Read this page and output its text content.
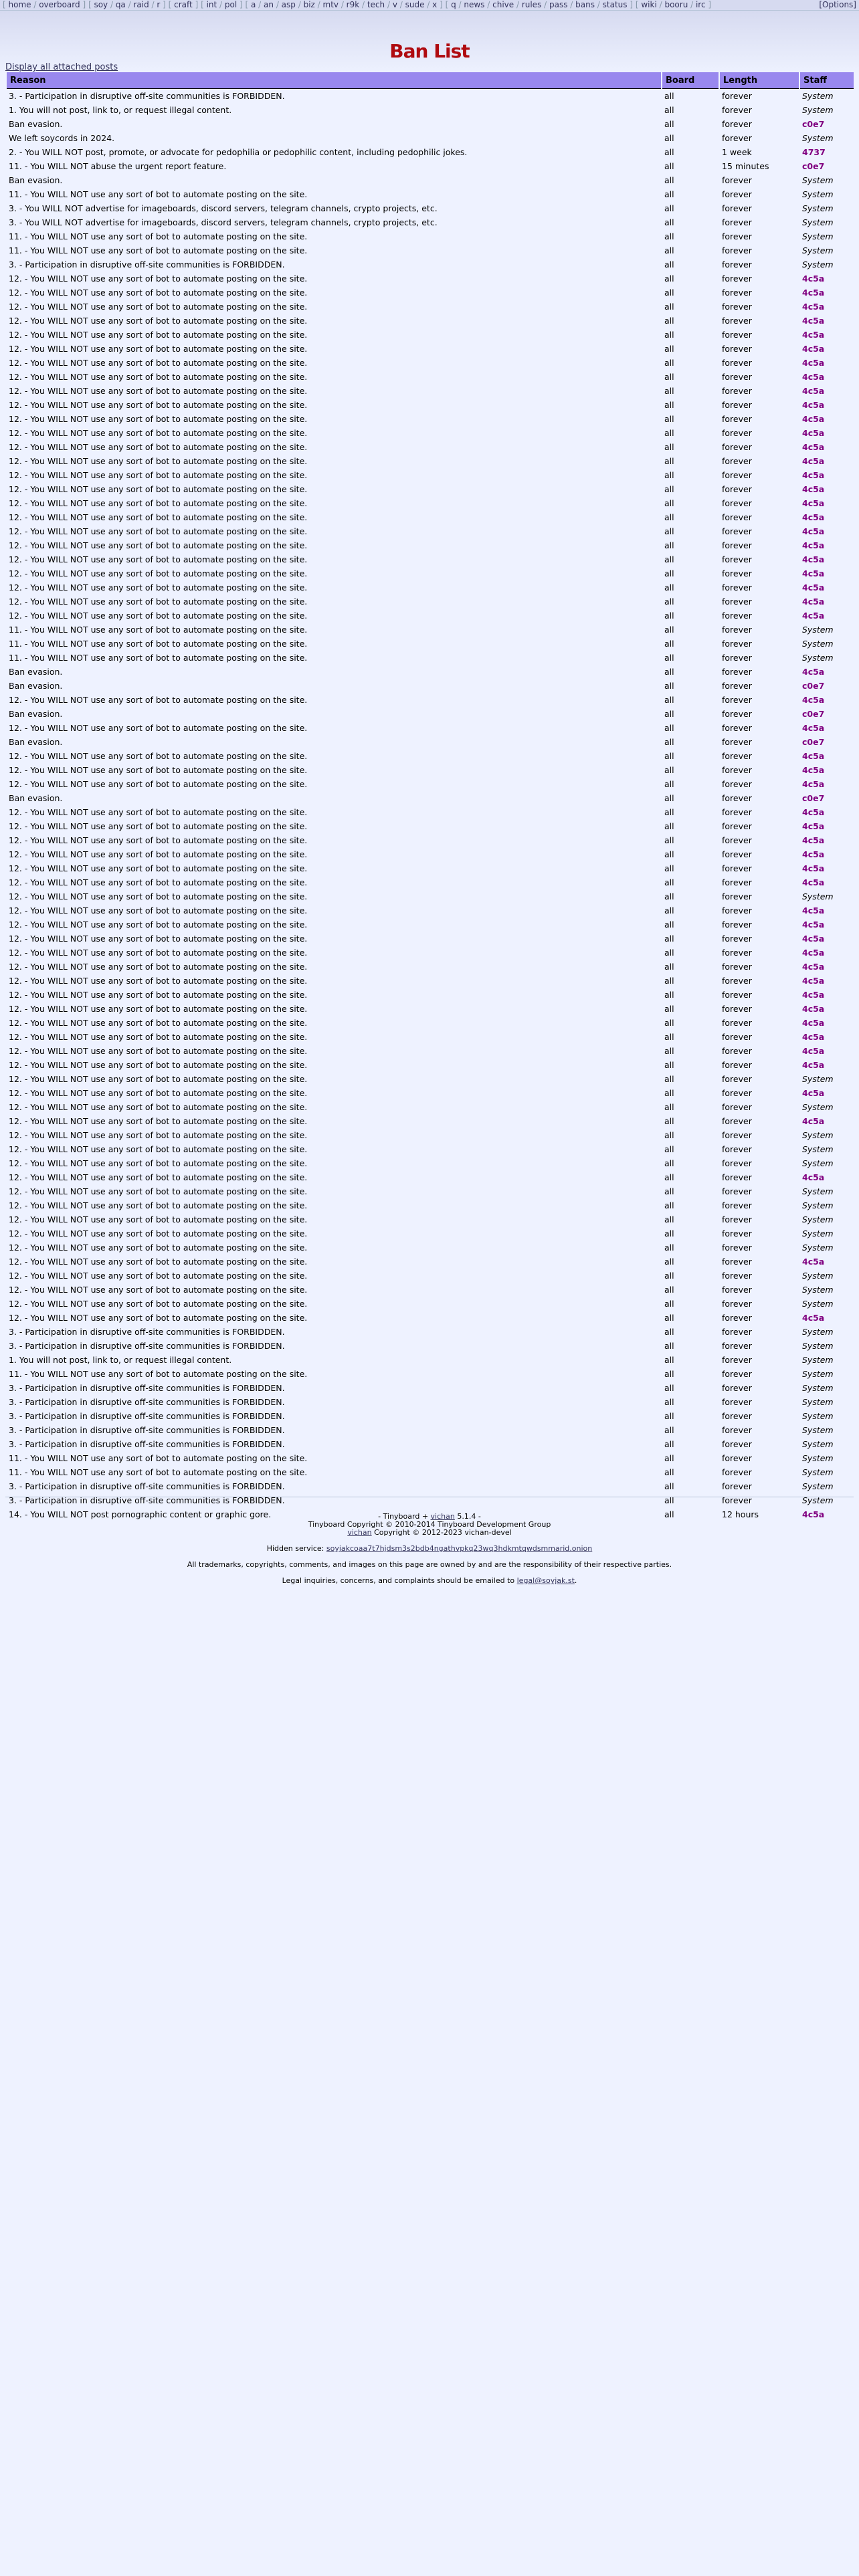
[ home / overboard ] [ soy / qa / raid / r ] [ craft ] [ int / pol ] [ a / an / asp / biz / mtv / r9k / tech / v / sude / x ] [ q / news / chive / rules / pass / bans / status ] [ wiki / booru / irc ]	[Options]
Ban List
Display all attached posts
Reason	Board	Length	Staff
3. - Participation in disruptive off-site communities is FORBIDDEN.	all	forever	System
1. You will not post, link to, or request illegal content.	all	forever	System
Ban evasion.	all	forever	c0e7
We left soycords in 2024.	all	forever	System
2. - You WILL NOT post, promote, or advocate for pedophilia or pedophilic content, including pedophilic jokes.	all	1 week	4737
11. - You WILL NOT abuse the urgent report feature.	all	15 minutes	c0e7
Ban evasion.	all	forever	System
11. - You WILL NOT use any sort of bot to automate posting on the site.	all	forever	System
3. - You WILL NOT advertise for imageboards, discord servers, telegram channels, crypto projects, etc.	all	forever	System
3. - You WILL NOT advertise for imageboards, discord servers, telegram channels, crypto projects, etc.	all	forever	System
11. - You WILL NOT use any sort of bot to automate posting on the site.	all	forever	System
11. - You WILL NOT use any sort of bot to automate posting on the site.	all	forever	System
3. - Participation in disruptive off-site communities is FORBIDDEN.	all	forever	System
12. - You WILL NOT use any sort of bot to automate posting on the site.	all	forever	4c5a
12. - You WILL NOT use any sort of bot to automate posting on the site.	all	forever	4c5a
12. - You WILL NOT use any sort of bot to automate posting on the site.	all	forever	4c5a
12. - You WILL NOT use any sort of bot to automate posting on the site.	all	forever	4c5a
12. - You WILL NOT use any sort of bot to automate posting on the site.	all	forever	4c5a
12. - You WILL NOT use any sort of bot to automate posting on the site.	all	forever	4c5a
12. - You WILL NOT use any sort of bot to automate posting on the site.	all	forever	4c5a
12. - You WILL NOT use any sort of bot to automate posting on the site.	all	forever	4c5a
12. - You WILL NOT use any sort of bot to automate posting on the site.	all	forever	4c5a
12. - You WILL NOT use any sort of bot to automate posting on the site.	all	forever	4c5a
12. - You WILL NOT use any sort of bot to automate posting on the site.	all	forever	4c5a
12. - You WILL NOT use any sort of bot to automate posting on the site.	all	forever	4c5a
12. - You WILL NOT use any sort of bot to automate posting on the site.	all	forever	4c5a
12. - You WILL NOT use any sort of bot to automate posting on the site.	all	forever	4c5a
12. - You WILL NOT use any sort of bot to automate posting on the site.	all	forever	4c5a
12. - You WILL NOT use any sort of bot to automate posting on the site.	all	forever	4c5a
12. - You WILL NOT use any sort of bot to automate posting on the site.	all	forever	4c5a
12. - You WILL NOT use any sort of bot to automate posting on the site.	all	forever	4c5a
12. - You WILL NOT use any sort of bot to automate posting on the site.	all	forever	4c5a
12. - You WILL NOT use any sort of bot to automate posting on the site.	all	forever	4c5a
12. - You WILL NOT use any sort of bot to automate posting on the site.	all	forever	4c5a
12. - You WILL NOT use any sort of bot to automate posting on the site.	all	forever	4c5a
12. - You WILL NOT use any sort of bot to automate posting on the site.	all	forever	4c5a
12. - You WILL NOT use any sort of bot to automate posting on the site.	all	forever	4c5a
12. - You WILL NOT use any sort of bot to automate posting on the site.	all	forever	4c5a
11. - You WILL NOT use any sort of bot to automate posting on the site.	all	forever	System
11. - You WILL NOT use any sort of bot to automate posting on the site.	all	forever	System
11. - You WILL NOT use any sort of bot to automate posting on the site.	all	forever	System
Ban evasion.	all	forever	4c5a
Ban evasion.	all	forever	c0e7
12. - You WILL NOT use any sort of bot to automate posting on the site.	all	forever	4c5a
Ban evasion.	all	forever	c0e7
12. - You WILL NOT use any sort of bot to automate posting on the site.	all	forever	4c5a
Ban evasion.	all	forever	c0e7
12. - You WILL NOT use any sort of bot to automate posting on the site.	all	forever	4c5a
12. - You WILL NOT use any sort of bot to automate posting on the site.	all	forever	4c5a
12. - You WILL NOT use any sort of bot to automate posting on the site.	all	forever	4c5a
Ban evasion.	all	forever	c0e7
12. - You WILL NOT use any sort of bot to automate posting on the site.	all	forever	4c5a
12. - You WILL NOT use any sort of bot to automate posting on the site.	all	forever	4c5a
12. - You WILL NOT use any sort of bot to automate posting on the site.	all	forever	4c5a
12. - You WILL NOT use any sort of bot to automate posting on the site.	all	forever	4c5a
12. - You WILL NOT use any sort of bot to automate posting on the site.	all	forever	4c5a
12. - You WILL NOT use any sort of bot to automate posting on the site.	all	forever	4c5a
12. - You WILL NOT use any sort of bot to automate posting on the site.	all	forever	System
12. - You WILL NOT use any sort of bot to automate posting on the site.	all	forever	4c5a
12. - You WILL NOT use any sort of bot to automate posting on the site.	all	forever	4c5a
12. - You WILL NOT use any sort of bot to automate posting on the site.	all	forever	4c5a
12. - You WILL NOT use any sort of bot to automate posting on the site.	all	forever	4c5a
12. - You WILL NOT use any sort of bot to automate posting on the site.	all	forever	4c5a
12. - You WILL NOT use any sort of bot to automate posting on the site.	all	forever	4c5a
12. - You WILL NOT use any sort of bot to automate posting on the site.	all	forever	4c5a
12. - You WILL NOT use any sort of bot to automate posting on the site.	all	forever	4c5a
12. - You WILL NOT use any sort of bot to automate posting on the site.	all	forever	4c5a
12. - You WILL NOT use any sort of bot to automate posting on the site.	all	forever	4c5a
12. - You WILL NOT use any sort of bot to automate posting on the site.	all	forever	4c5a
12. - You WILL NOT use any sort of bot to automate posting on the site.	all	forever	4c5a
12. - You WILL NOT use any sort of bot to automate posting on the site.	all	forever	System
12. - You WILL NOT use any sort of bot to automate posting on the site.	all	forever	4c5a
12. - You WILL NOT use any sort of bot to automate posting on the site.	all	forever	System
12. - You WILL NOT use any sort of bot to automate posting on the site.	all	forever	4c5a
12. - You WILL NOT use any sort of bot to automate posting on the site.	all	forever	System
12. - You WILL NOT use any sort of bot to automate posting on the site.	all	forever	System
12. - You WILL NOT use any sort of bot to automate posting on the site.	all	forever	System
12. - You WILL NOT use any sort of bot to automate posting on the site.	all	forever	4c5a
12. - You WILL NOT use any sort of bot to automate posting on the site.	all	forever	System
12. - You WILL NOT use any sort of bot to automate posting on the site.	all	forever	System
12. - You WILL NOT use any sort of bot to automate posting on the site.	all	forever	System
12. - You WILL NOT use any sort of bot to automate posting on the site.	all	forever	System
12. - You WILL NOT use any sort of bot to automate posting on the site.	all	forever	System
12. - You WILL NOT use any sort of bot to automate posting on the site.	all	forever	4c5a
12. - You WILL NOT use any sort of bot to automate posting on the site.	all	forever	System
12. - You WILL NOT use any sort of bot to automate posting on the site.	all	forever	System
12. - You WILL NOT use any sort of bot to automate posting on the site.	all	forever	System
12. - You WILL NOT use any sort of bot to automate posting on the site.	all	forever	4c5a
3. - Participation in disruptive off-site communities is FORBIDDEN.	all	forever	System
3. - Participation in disruptive off-site communities is FORBIDDEN.	all	forever	System
1. You will not post, link to, or request illegal content.	all	forever	System
11. - You WILL NOT use any sort of bot to automate posting on the site.	all	forever	System
3. - Participation in disruptive off-site communities is FORBIDDEN.	all	forever	System
3. - Participation in disruptive off-site communities is FORBIDDEN.	all	forever	System
3. - Participation in disruptive off-site communities is FORBIDDEN.	all	forever	System
3. - Participation in disruptive off-site communities is FORBIDDEN.	all	forever	System
3. - Participation in disruptive off-site communities is FORBIDDEN.	all	forever	System
11. - You WILL NOT use any sort of bot to automate posting on the site.	all	forever	System
11. - You WILL NOT use any sort of bot to automate posting on the site.	all	forever	System
3. - Participation in disruptive off-site communities is FORBIDDEN.	all	forever	System
3. - Participation in disruptive off-site communities is FORBIDDEN.	all	forever	System
14. - You WILL NOT post pornographic content or graphic gore.	all	12 hours	4c5a

- Tinyboard + vichan 5.1.4 -
Tinyboard Copyright © 2010-2014 Tinyboard Development Group
vichan Copyright © 2012-2023 vichan-devel

Hidden service: soyjakcoaa7t7hjdsm3s2bdb4ngathvpkq23wq3hdkmtqwdsmmarid.onion

All trademarks, copyrights, comments, and images on this page are owned by and are the responsibility of their respective parties.

Legal inquiries, concerns, and complaints should be emailed to legal@soyjak.st.
